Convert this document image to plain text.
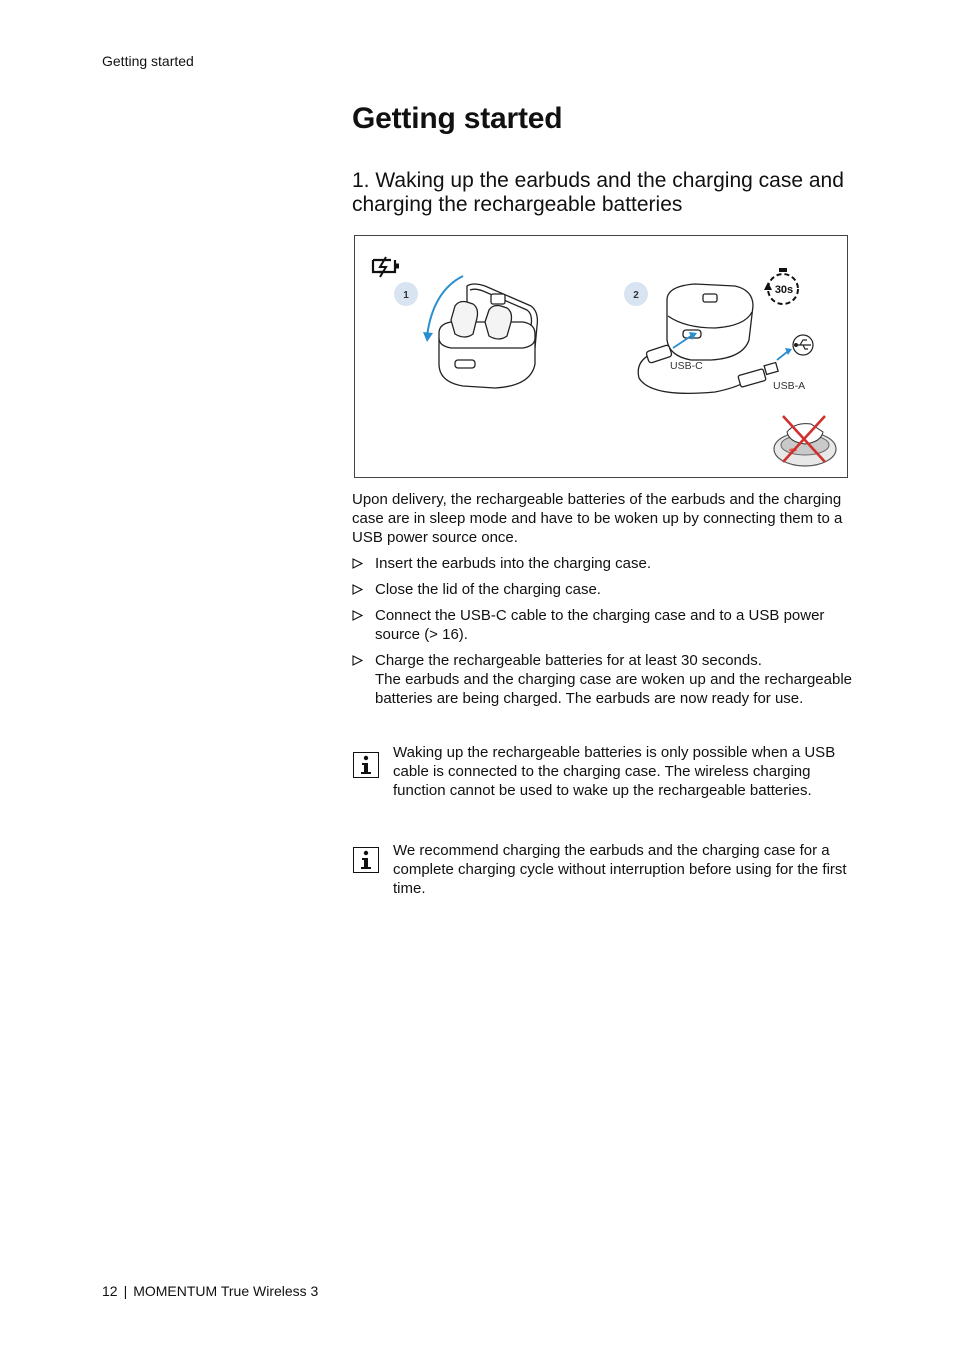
Getting started
Getting started
1. Waking up the earbuds and the charging case and charging the rechargeable batteries
1	2
USB-C
USB-A
30s

Upon delivery, the rechargeable batteries of the earbuds and the charging case are in sleep mode and have to be woken up by connecting them to a USB power source once.

Insert the earbuds into the charging case.
Close the lid of the charging case.
Connect the USB-C cable to the charging case and to a USB power source (> 16).
Charge the rechargeable batteries for at least 30 seconds.
The earbuds and the charging case are woken up and the rechargeable batteries are being charged. The earbuds are now ready for use.
Waking up the rechargeable batteries is only possible when a USB cable is connected to the charging case. The wireless charging function cannot be used to wake up the rechargeable batteries.
We recommend charging the earbuds and the charging case for a complete charging cycle without interruption before using for the first time.
12 | MOMENTUM True Wireless 3
